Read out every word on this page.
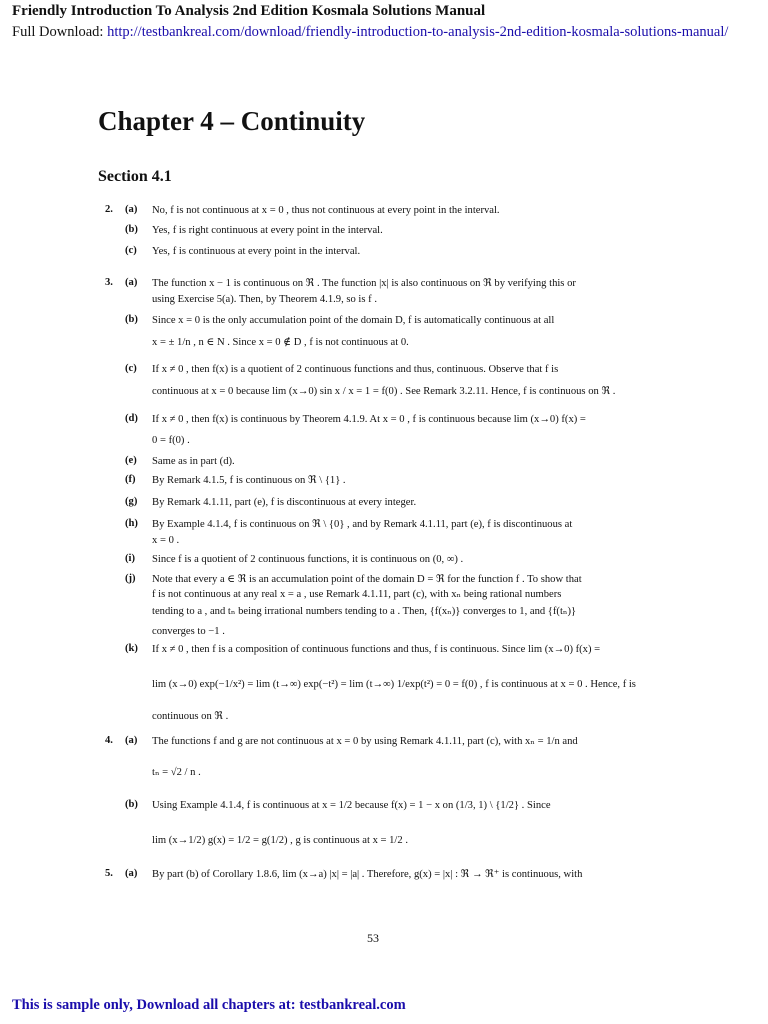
Friendly Introduction To Analysis 2nd Edition Kosmala Solutions Manual
Full Download: http://testbankreal.com/download/friendly-introduction-to-analysis-2nd-edition-kosmala-solutions-manual/
Chapter 4 – Continuity
Section 4.1
2. (a) No, f is not continuous at x = 0 , thus not continuous at every point in the interval.
(b) Yes, f is right continuous at every point in the interval.
(c) Yes, f is continuous at every point in the interval.
3. (a) The function x − 1 is continuous on ℜ . The function |x| is also continuous on ℜ by verifying this or
using Exercise 5(a). Then, by Theorem 4.1.9, so is f .
(b) Since x = 0 is the only accumulation point of the domain D, f is automatically continuous at all
x = ± 1/n , n ∈ N . Since x = 0 ∉ D , f is not continuous at 0.
(c) If x ≠ 0 , then f(x) is a quotient of 2 continuous functions and thus, continuous. Observe that f is
continuous at x = 0 because lim (x→0) sin x / x = 1 = f(0) . See Remark 3.2.11. Hence, f is continuous on ℜ .
(d) If x ≠ 0 , then f(x) is continuous by Theorem 4.1.9. At x = 0 , f is continuous because lim (x→0) f(x) =
0 = f(0) .
(e) Same as in part (d).
(f) By Remark 4.1.5, f is continuous on ℜ \ {1} .
(g) By Remark 4.1.11, part (e), f is discontinuous at every integer.
(h) By Example 4.1.4, f is continuous on ℜ \ {0} , and by Remark 4.1.11, part (e), f is discontinuous at
x = 0 .
(i) Since f is a quotient of 2 continuous functions, it is continuous on (0, ∞) .
(j) Note that every a ∈ ℜ is an accumulation point of the domain D = ℜ for the function f . To show that
f is not continuous at any real x = a , use Remark 4.1.11, part (c), with xₙ being rational numbers
tending to a , and tₙ being irrational numbers tending to a . Then, {f(xₙ)} converges to 1, and {f(tₙ)}
converges to −1 .
(k) If x ≠ 0 , then f is a composition of continuous functions and thus, f is continuous. Since lim (x→0) f(x) =
lim (x→0) exp(−1/x²) = lim (t→∞) exp(−t²) = lim (t→∞) 1/exp(t²) = 0 = f(0) , f is continuous at x = 0 . Hence, f is
continuous on ℜ .
4. (a) The functions f and g are not continuous at x = 0 by using Remark 4.1.11, part (c), with xₙ = 1/n and
tₙ = √2 / n .
(b) Using Example 4.1.4, f is continuous at x = 1/2 because f(x) = 1 − x on (1/3, 1) \ {1/2} . Since
lim (x→1/2) g(x) = 1/2 = g(1/2) , g is continuous at x = 1/2 .
5. (a) By part (b) of Corollary 1.8.6, lim (x→a) |x| = |a| . Therefore, g(x) = |x| : ℜ → ℜ⁺ is continuous, with
53
This is sample only, Download all chapters at: testbankreal.com
